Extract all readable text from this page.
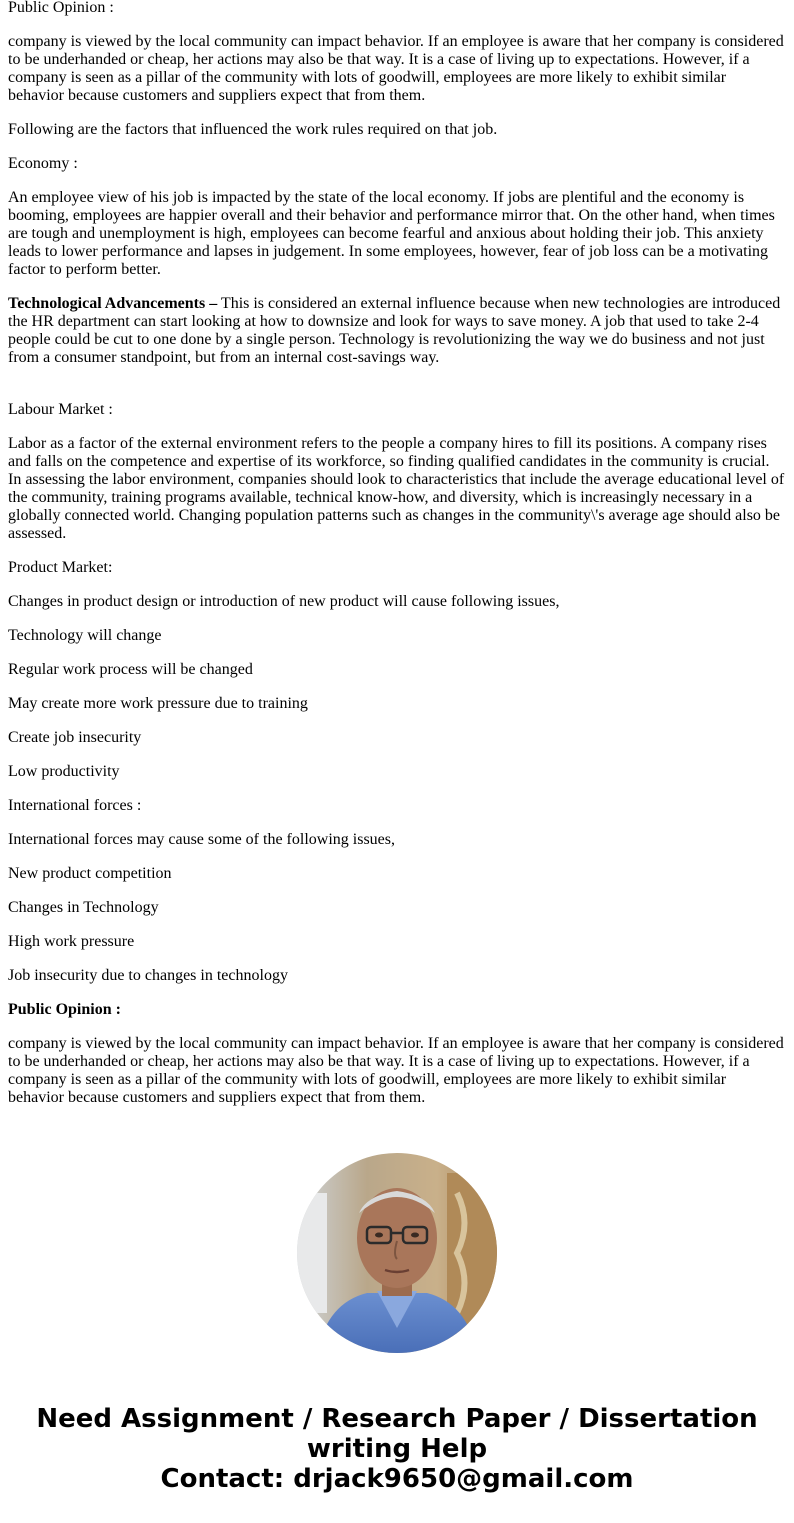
Public Opinion :

company is viewed by the local community can impact behavior. If an employee is aware that her company is considered to be underhanded or cheap, her actions may also be that way. It is a case of living up to expectations. However, if a company is seen as a pillar of the community with lots of goodwill, employees are more likely to exhibit similar behavior because customers and suppliers expect that from them.

Following are the factors that influenced the work rules required on that job.

Economy :

An employee view of his job is impacted by the state of the local economy. If jobs are plentiful and the economy is booming, employees are happier overall and their behavior and performance mirror that. On the other hand, when times are tough and unemployment is high, employees can become fearful and anxious about holding their job. This anxiety leads to lower performance and lapses in judgement. In some employees, however, fear of job loss can be a motivating factor to perform better.

Technological Advancements – This is considered an external influence because when new technologies are introduced the HR department can start looking at how to downsize and look for ways to save money. A job that used to take 2-4 people could be cut to one done by a single person. Technology is revolutionizing the way we do business and not just from a consumer standpoint, but from an internal cost-savings way.

Labour Market :

Labor as a factor of the external environment refers to the people a company hires to fill its positions. A company rises and falls on the competence and expertise of its workforce, so finding qualified candidates in the community is crucial. In assessing the labor environment, companies should look to characteristics that include the average educational level of the community, training programs available, technical know-how, and diversity, which is increasingly necessary in a globally connected world. Changing population patterns such as changes in the community\'s average age should also be assessed.

Product Market:

Changes in product design or introduction of new product will cause following issues,

Technology will change

Regular work process will be changed

May create more work pressure due to training

Create job insecurity

Low productivity

International forces :

International forces may cause some of the following issues,

New product competition

Changes in Technology

High work pressure

Job insecurity due to changes in technology

Public Opinion :

company is viewed by the local community can impact behavior. If an employee is aware that her company is considered to be underhanded or cheap, her actions may also be that way. It is a case of living up to expectations. However, if a company is seen as a pillar of the community with lots of goodwill, employees are more likely to exhibit similar behavior because customers and suppliers expect that from them.

Need Assignment / Research Paper / Dissertation
writing Help
Contact: drjack9650@gmail.com
